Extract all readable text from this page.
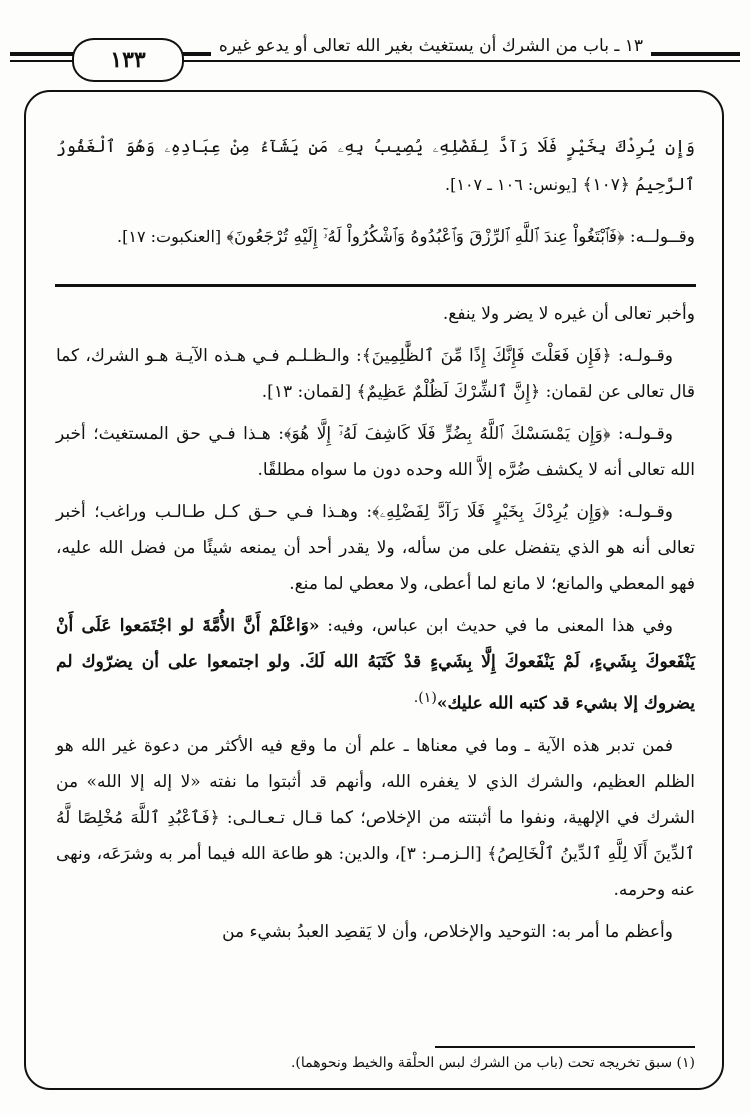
١٣٣
١٣ ـ باب من الشرك أن يستغيث بغير الله تعالى أو يدعو غيره

وَإِن يُرِدْكَ بِخَيْرٍ فَلَا رَآدَّ لِفَضْلِهِۦ يُصِيبُ بِهِۦ مَن يَشَآءُ مِنْ عِبَادِهِۦ وَهُوَ ٱلْغَفُورُ ٱلرَّحِيمُ ﴿١٠٧﴾ [يونس: ١٠٦ ـ ١٠٧].

وقــولــه: ﴿فَٱبْتَغُواْ عِندَ ٱللَّهِ ٱلرِّزْقَ وَٱعْبُدُوهُ وَٱشْكُرُواْ لَهُۥٓ إِلَيْهِ تُرْجَعُونَ﴾ [العنكبوت: ١٧].

وأخبر تعالى أن غيره لا يضر ولا ينفع.

وقـولـه: ﴿فَإِن فَعَلْتَ فَإِنَّكَ إِذًا مِّنَ ٱلظَّٰلِمِينَ﴾: والـظـلـم فـي هـذه الآيـة هـو الشرك، كما قال تعالى عن لقمان: ﴿إِنَّ ٱلشِّرْكَ لَظُلْمٌ عَظِيمٌ﴾ [لقمان: ١٣].

وقـولـه: ﴿وَإِن يَمْسَسْكَ ٱللَّهُ بِضُرٍّ فَلَا كَاشِفَ لَهُۥٓ إِلَّا هُوَ﴾: هـذا فـي حق المستغيث؛ أخبر الله تعالى أنه لا يكشف ضُرَّه إلاَّ الله وحده دون ما سواه مطلقًا.

وقـولـه: ﴿وَإِن يُرِدْكَ بِخَيْرٍ فَلَا رَآدَّ لِفَضْلِهِۦ﴾: وهـذا فـي حـق كـل طـالـب وراغب؛ أخبر تعالى أنه هو الذي يتفضل على من سأله، ولا يقدر أحد أن يمنعه شيئًا من فضل الله عليه، فهو المعطي والمانع؛ لا مانع لما أعطى، ولا معطي لما منع.

وفي هذا المعنى ما في حديث ابن عباس، وفيه: «وَاعْلَمْ أَنَّ الأُمَّةَ لو اجْتَمَعوا عَلَى أَنْ يَنْفَعوكَ بِشَيءٍ، لَمْ يَنْفَعوكَ إِلَّا بِشَيءٍ قدْ كَتَبَهُ الله لَكَ. ولو اجتمعوا على أن يضرّوك لم يضروك إلا بشيء قد كتبه الله عليك»$^{(١).}$

فمن تدبر هذه الآية ـ وما في معناها ـ علم أن ما وقع فيه الأكثر من دعوة غير الله هو الظلم العظيم، والشرك الذي لا يغفره الله، وأنهم قد أثبتوا ما نفته «لا إله إلا الله» من الشرك في الإلهية، ونفوا ما أثبتته من الإخلاص؛ كما قـال تـعـالـى: ﴿فَٱعْبُدِ ٱللَّهَ مُخْلِصًا لَّهُ ٱلدِّينَ أَلَا لِلَّهِ ٱلدِّينُ ٱلْخَالِصُ﴾ [الـزمـر: ٣]، والدين: هو طاعة الله فيما أمر به وشرَعَه، ونهى عنه وحرمه.

وأعظم ما أمر به: التوحيد والإخلاص، وأن لا يَقصِد العبدُ بشيء من

(١) سبق تخريجه تحت (باب من الشرك لبس الحلْقة والخيط ونحوهما).
